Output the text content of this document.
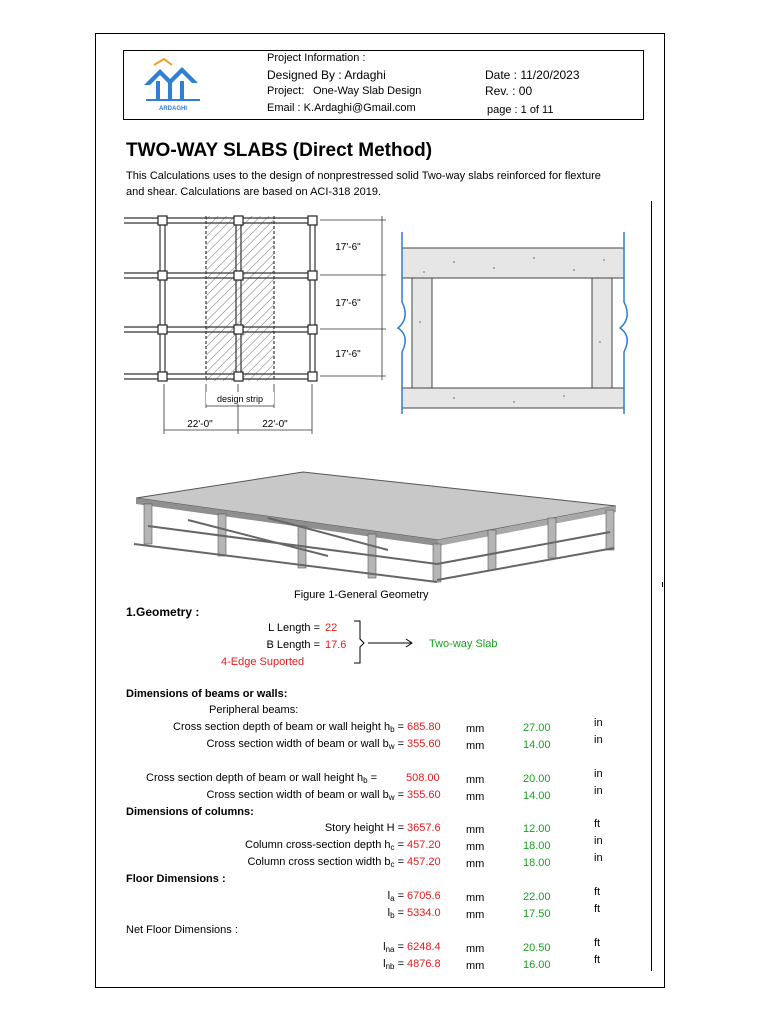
ARDAGHI
Project Information :
Designed By : Ardaghi
Project: One-Way Slab Design
Email : K.Ardaghi@Gmail.com
Date : 11/20/2023
Rev. : 00
page : 1 of 11
TWO-WAY SLABS (Direct Method)
This Calculations uses to the design of nonprestressed solid Two-way slabs reinforced for flexture and shear. Calculations are based on ACI-318 2019.
17'-6"
17'-6"
17'-6"
design strip
22'-0"	22'-0"
Figure 1-General Geometry
1.Geometry :
L Length = 22
B Length = 17.6
4-Edge Suported
Two-way Slab
Dimensions of beams or walls:
Peripheral beams:
Dimensions of columns:
Floor Dimensions :
Net Floor Dimensions :
Cross section depth of beam or wall height $h_b = 685.80$ mm	27.00	in
Cross section width of beam or wall $b_w = 355.60$ mm	14.00	in
Cross section depth of beam or wall height $h_b$ =	508.00 mm	20.00	in
Cross section width of beam or wall $b_w = 355.60$ mm	14.00	in
Story height H = 3657.6 mm	12.00	ft
Column cross-section depth $h_c = 457.20$ mm	18.00	in
Column cross section width $b_c = 457.20$ mm	18.00	in
$l_a = 6705.6$ mm	22.00	ft
$l_b = 5334.0$ mm	17.50	ft
$l_{na} = 6248.4$ mm	20.50	ft
$l_{nb} = 4876.8$ mm	16.00	ft
